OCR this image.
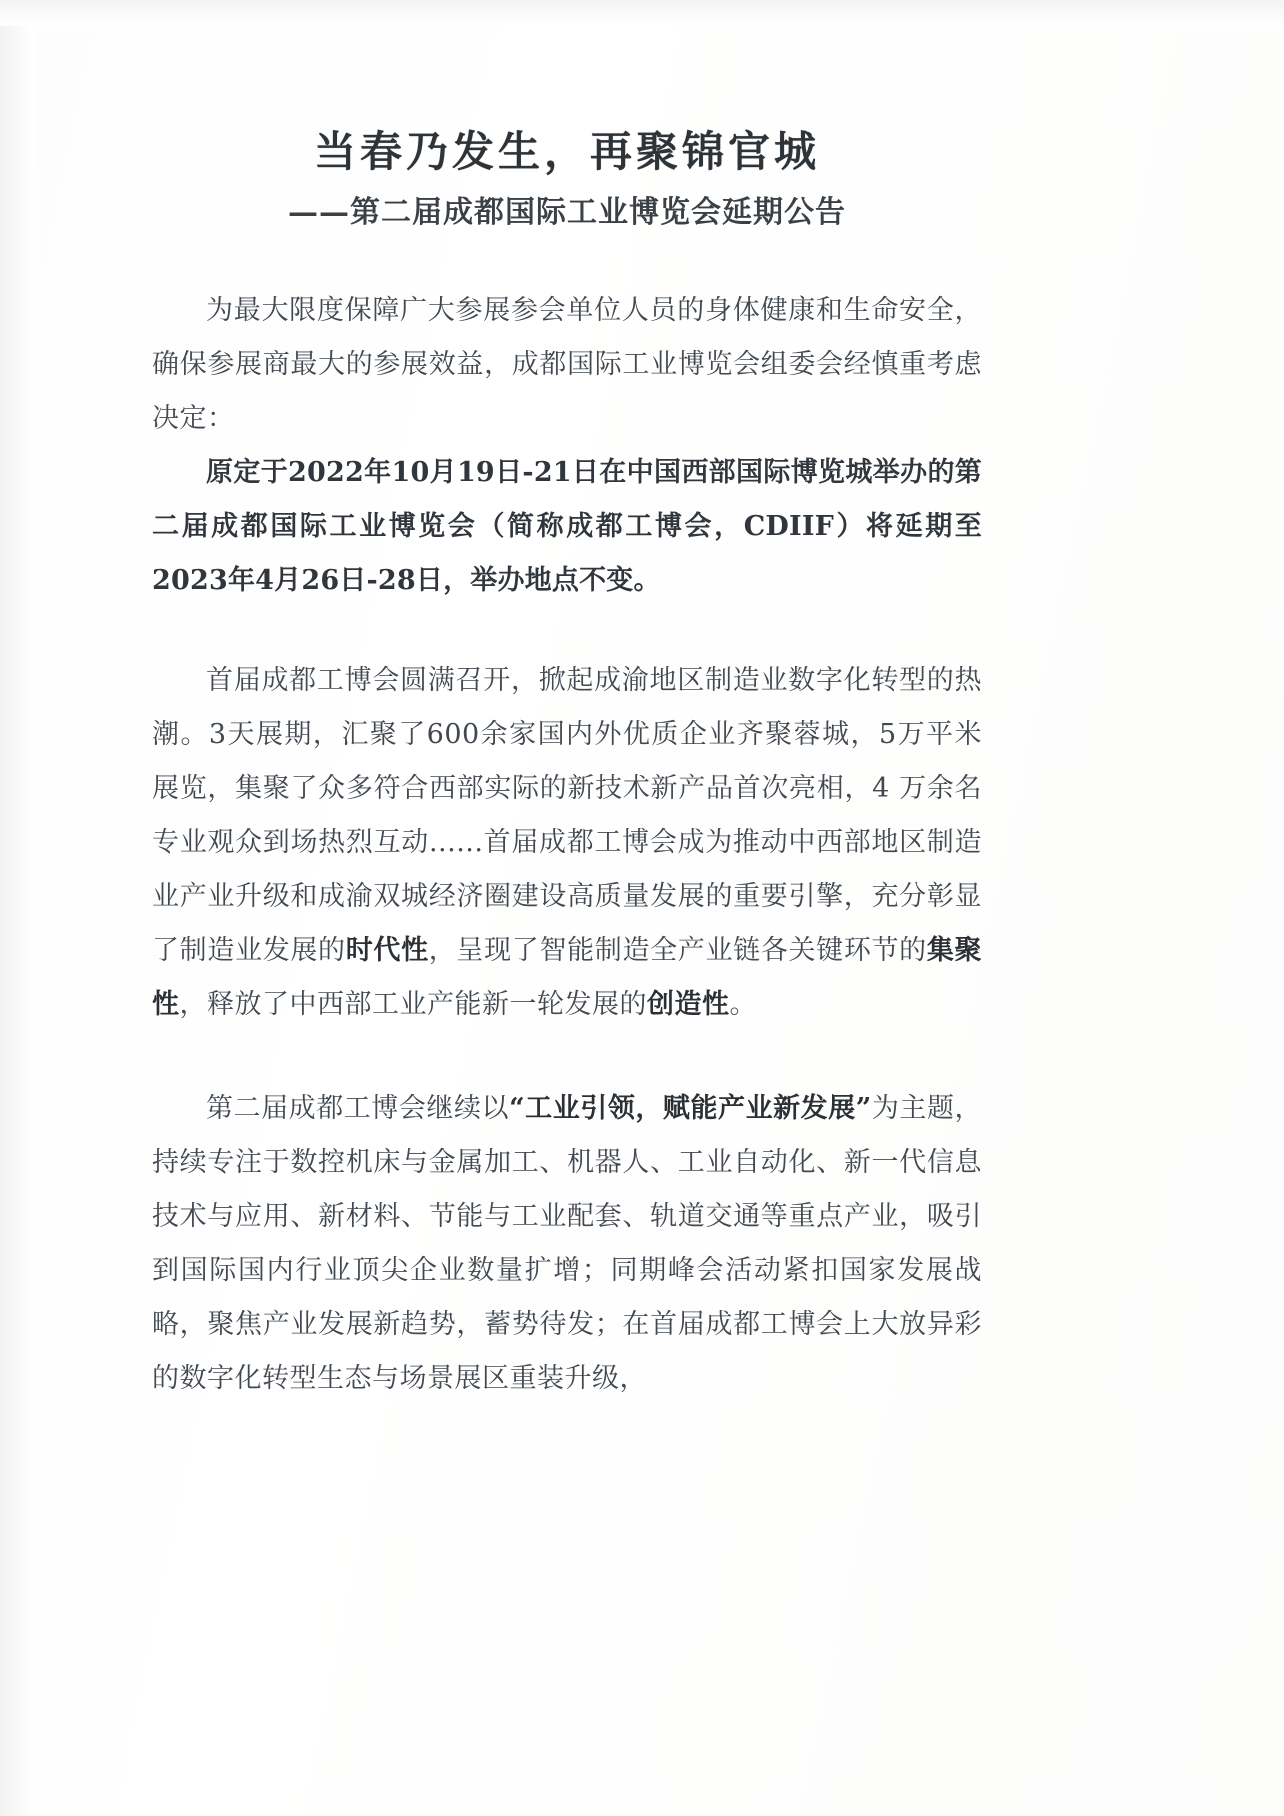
当春乃发生，再聚锦官城
——第二届成都国际工业博览会延期公告

为最大限度保障广大参展参会单位人员的身体健康和生命安全，确保参展商最大的参展效益，成都国际工业博览会组委会经慎重考虑决定：

原定于2022年10月19日-21日在中国西部国际博览城举办的第二届成都国际工业博览会（简称成都工博会，CDIIF）将延期至2023年4月26日-28日，举办地点不变。

首届成都工博会圆满召开，掀起成渝地区制造业数字化转型的热潮。3天展期，汇聚了600余家国内外优质企业齐聚蓉城，5万平米展览，集聚了众多符合西部实际的新技术新产品首次亮相，4 万余名专业观众到场热烈互动......首届成都工博会成为推动中西部地区制造业产业升级和成渝双城经济圈建设高质量发展的重要引擎，充分彰显了制造业发展的时代性，呈现了智能制造全产业链各关键环节的集聚性，释放了中西部工业产能新一轮发展的创造性。

第二届成都工博会继续以“工业引领，赋能产业新发展”为主题，持续专注于数控机床与金属加工、机器人、工业自动化、新一代信息技术与应用、新材料、节能与工业配套、轨道交通等重点产业，吸引到国际国内行业顶尖企业数量扩增；同期峰会活动紧扣国家发展战略，聚焦产业发展新趋势，蓄势待发；在首届成都工博会上大放异彩的数字化转型生态与场景展区重装升级，
